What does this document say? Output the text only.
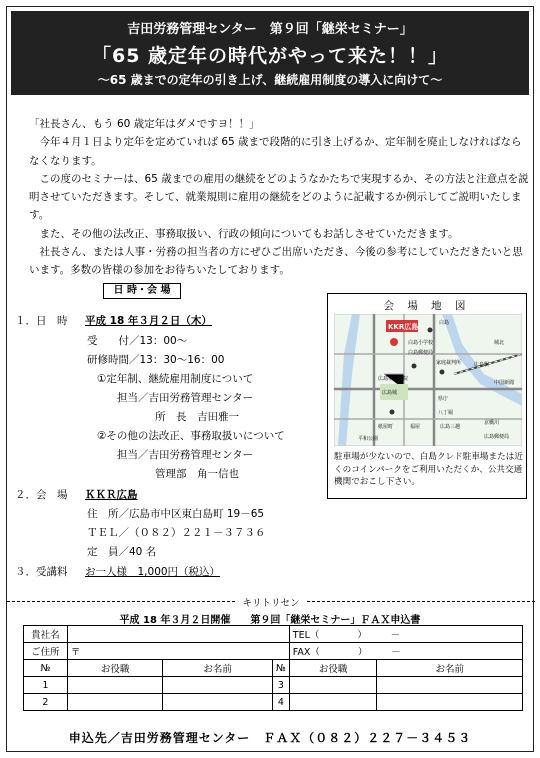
吉田労務管理センター　第９回「継栄セミナー」
「65 歳定年の時代がやって来た！！」
～65 歳までの定年の引き上げ、継続雇用制度の導入に向けて～

「社長さん、もう 60 歳定年はダメですヨ！！」

今年４月１日より定年を定めていれば 65 歳まで段階的に引き上げるか、定年制を廃止しなければならなくなります。

この度のセミナーは、65 歳までの雇用の継続をどのようなかたちで実現するか、その方法と注意点を説明させていただきます。そして、就業規則に雇用の継続をどのように記載するか例示してご説明いたします。

また、その他の法改正、事務取扱い、行政の傾向についてもお話しさせていただきます。

社長さん、または人事・労務の担当者の方にぜひご出席いただき、今後の参考にしていただきたいと思います。多数の皆様の参加をお待ちいたしております。

日 時・会 場
１．日　時 平成 18 年３月２日（木）
受　　付／13：00～
研修時間／13：30～16：00
①定年制、継続雇用制度について
担当／吉田労務管理センター
所　長　吉田雅一
②その他の法改正、事務取扱いについて
担当／吉田労務管理センター
管理部　角一信也
２．会　場 ＫＫＲ広島
住　所／広島市中区東白島町 19－65
ＴＥＬ／（０８２）２２１－３７３６
定　員／40 名
３．受講料 お一人様　1,000円（税込）
会 場 地 図
KKR広島	白島
城北
広島駅
中国新聞
白島小学校
白島郵便局
広島市民病院
家庭裁判所
県庁
八丁堀
広島三越
福屋
紙屋町
平和公園
京橋川
広島郵便局
広島城
駐車場が少ないので、白島クレド駐車場または近くのコインパークをご利用いただくか、公共交通機関でおこし下さい。
キリトリセン
平成 18 年３月２日開催　　第９回「継栄セミナー」ＦＡＸ申込書
貴社名				TEL（　　　　）　　　－	
ご住所	〒			FAX（　　　　）　　　－	
№	お役職	お名前	№	お役職	お名前
1			3		
2			4		
申込先／吉田労務管理センター　ＦＡＸ（０８２）２２７－３４５３
